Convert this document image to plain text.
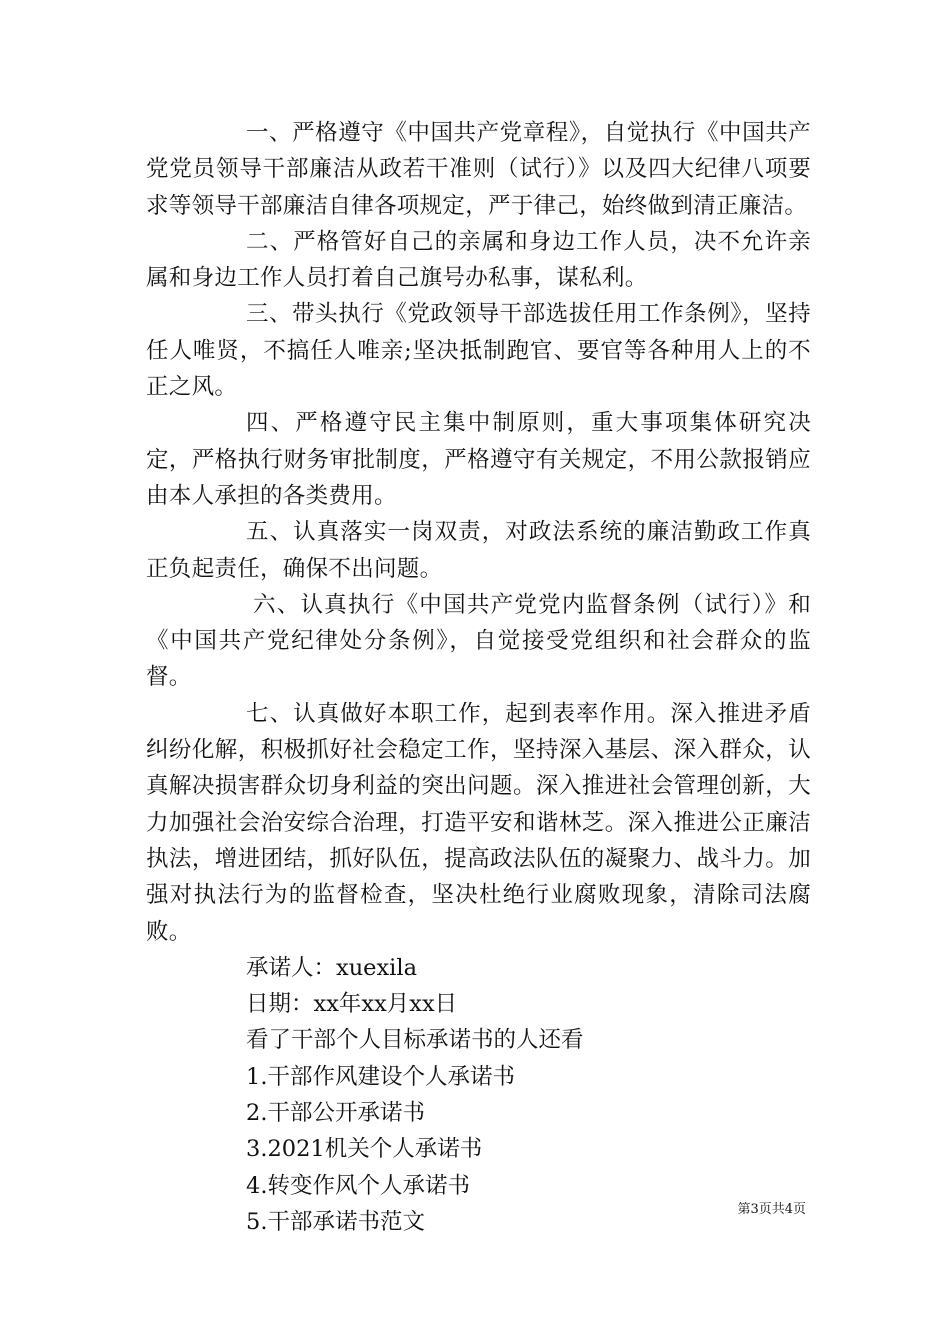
一、严格遵守《中国共产党章程》，自觉执行《中国共产党党员领导干部廉洁从政若干准则（试行）》以及四大纪律八项要求等领导干部廉洁自律各项规定，严于律己，始终做到清正廉洁。

二、严格管好自己的亲属和身边工作人员，决不允许亲属和身边工作人员打着自己旗号办私事，谋私利。

三、带头执行《党政领导干部选拔任用工作条例》，坚持任人唯贤，不搞任人唯亲;坚决抵制跑官、要官等各种用人上的不正之风。

四、严格遵守民主集中制原则，重大事项集体研究决定，严格执行财务审批制度，严格遵守有关规定，不用公款报销应由本人承担的各类费用。

五、认真落实一岗双责，对政法系统的廉洁勤政工作真正负起责任，确保不出问题。

六、认真执行《中国共产党党内监督条例（试行）》和《中国共产党纪律处分条例》，自觉接受党组织和社会群众的监督。

七、认真做好本职工作，起到表率作用。深入推进矛盾纠纷化解，积极抓好社会稳定工作，坚持深入基层、深入群众，认真解决损害群众切身利益的突出问题。深入推进社会管理创新，大力加强社会治安综合治理，打造平安和谐林芝。深入推进公正廉洁执法，增进团结，抓好队伍，提高政法队伍的凝聚力、战斗力。加强对执法行为的监督检查，坚决杜绝行业腐败现象，清除司法腐败。

承诺人：xuexila

日期：xx年xx月xx日

看了干部个人目标承诺书的人还看

1.干部作风建设个人承诺书

2.干部公开承诺书

3.2021机关个人承诺书

4.转变作风个人承诺书

5.干部承诺书范文	第3页共4页
